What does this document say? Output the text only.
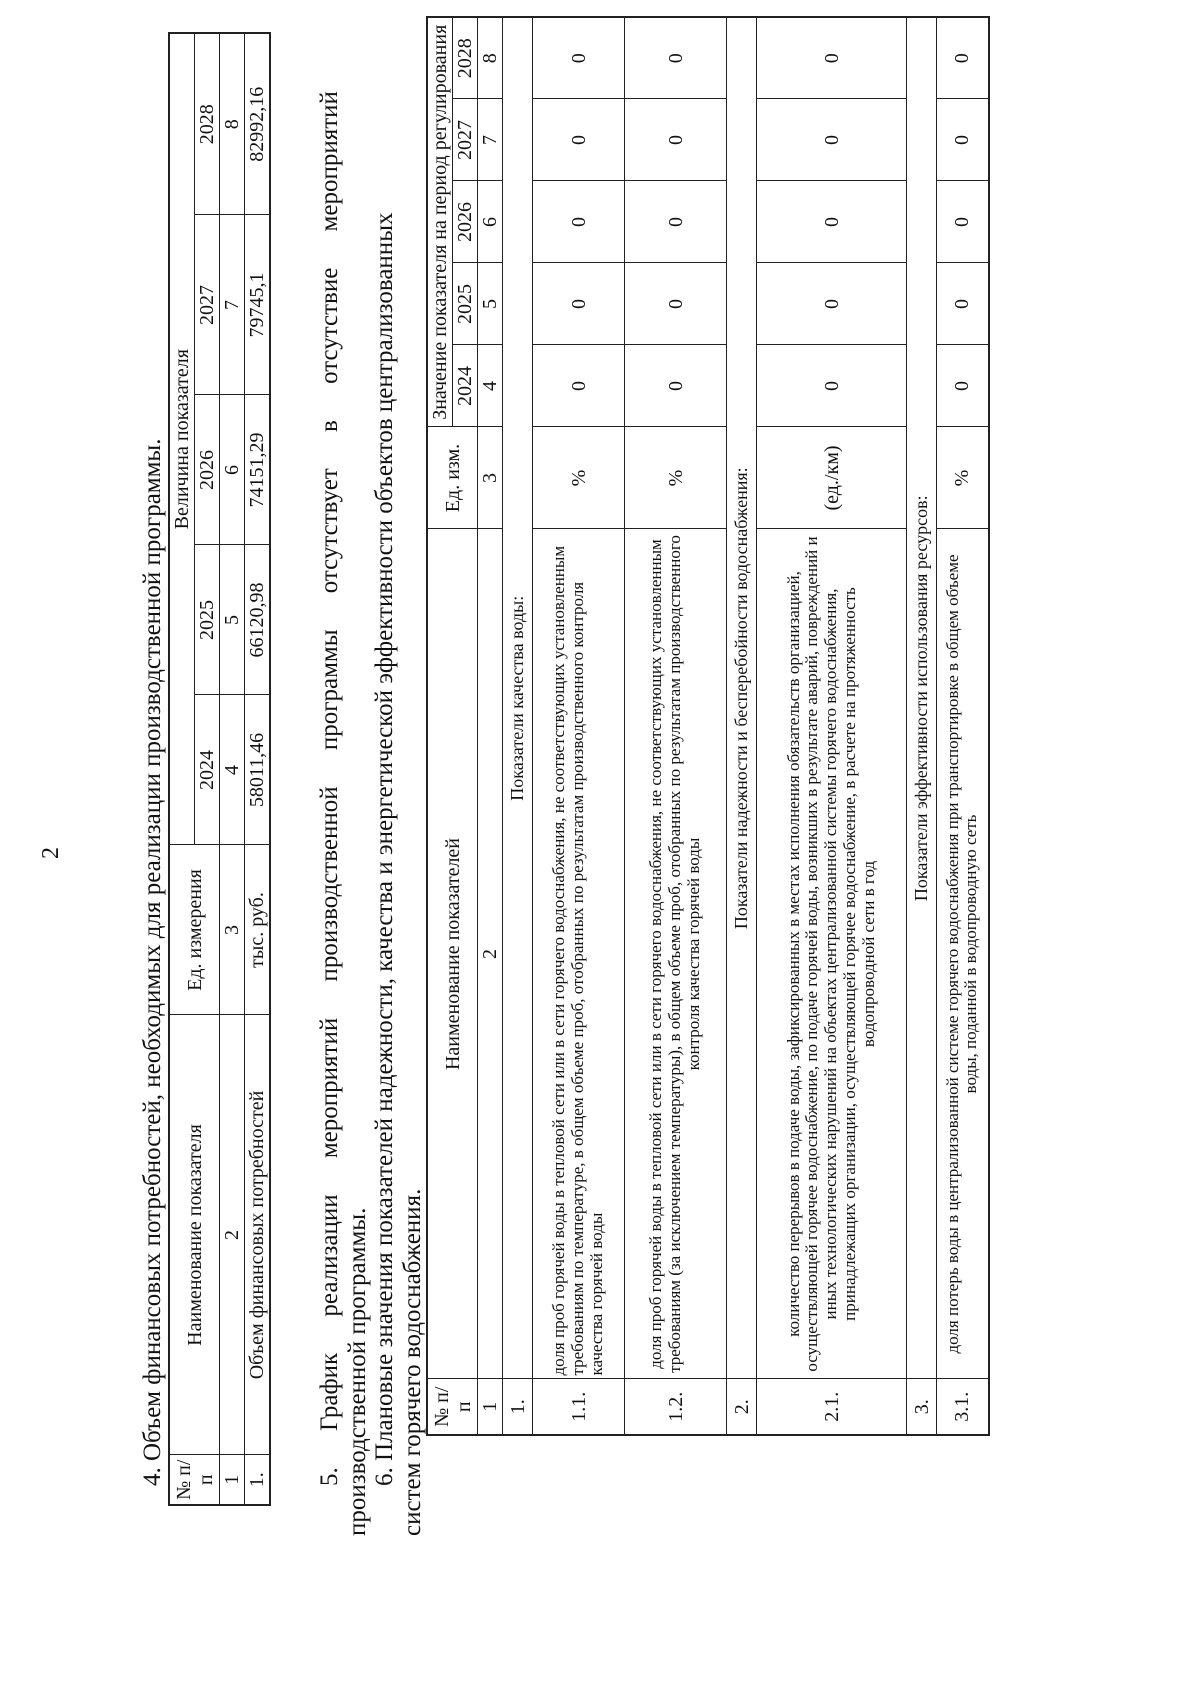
2	4. Объем финансовых потребностей, необходимых для реализации производственной программы. № п/п	Наименование показателя	Ед. измерения	Величина показателя				
			2024	2025	2026	2027	2028
1	2	3	4	5	6	7	8
1.	Объем финансовых потребностей	тыс. руб.	58011,46	66120,98	74151,29	79745,1	82992,16
5.
График
реализации
мероприятий
производственной
программы
отсутствует
в
отсутствие
мероприятий
производственной программы. 6. Плановые значения показателей надежности, качества и энергетической эффективности объектов централизованных систем горячего водоснабжения. № п/п	Наименование показателей	Ед. изм.	Значение показателя на период регулирования				
			2024	2025	2026	2027	2028
1	2	3	4	5	6	7	8
1.	Показатели качества воды:						
1.1.	доля проб горячей воды в тепловой сети или в сети горячего водоснабжения, не соответствующих установленным требованиям по температуре, в общем объеме проб, отобранных по результатам производственного контроля качества горячей воды	%	0	0	0	0	0
1.2.	доля проб горячей воды в тепловой сети или в сети горячего водоснабжения, не соответствующих установленным требованиям (за исключением температуры), в общем объеме проб, отобранных по результатам производственного контроля качества горячей воды	%	0	0	0	0	0
2.	Показатели надежности и бесперебойности водоснабжения:						
2.1.	количество перерывов в подаче воды, зафиксированных в местах исполнения обязательств организацией, осуществляющей горячее водоснабжение, по подаче горячей воды, возникших в результате аварий, повреждений и иных технологических нарушений на объектах централизованной системы горячего водоснабжения, принадлежащих организации, осуществляющей горячее водоснабжение, в расчете на протяженность водопроводной сети в год	(ед./км)	0	0	0	0	0
3.	Показатели эффективности использования ресурсов:						
3.1.	доля потерь воды в централизованной системе горячего водоснабжения при транспортировке в общем объеме воды, поданной в водопроводную сеть	%	0	0	0	0	0
